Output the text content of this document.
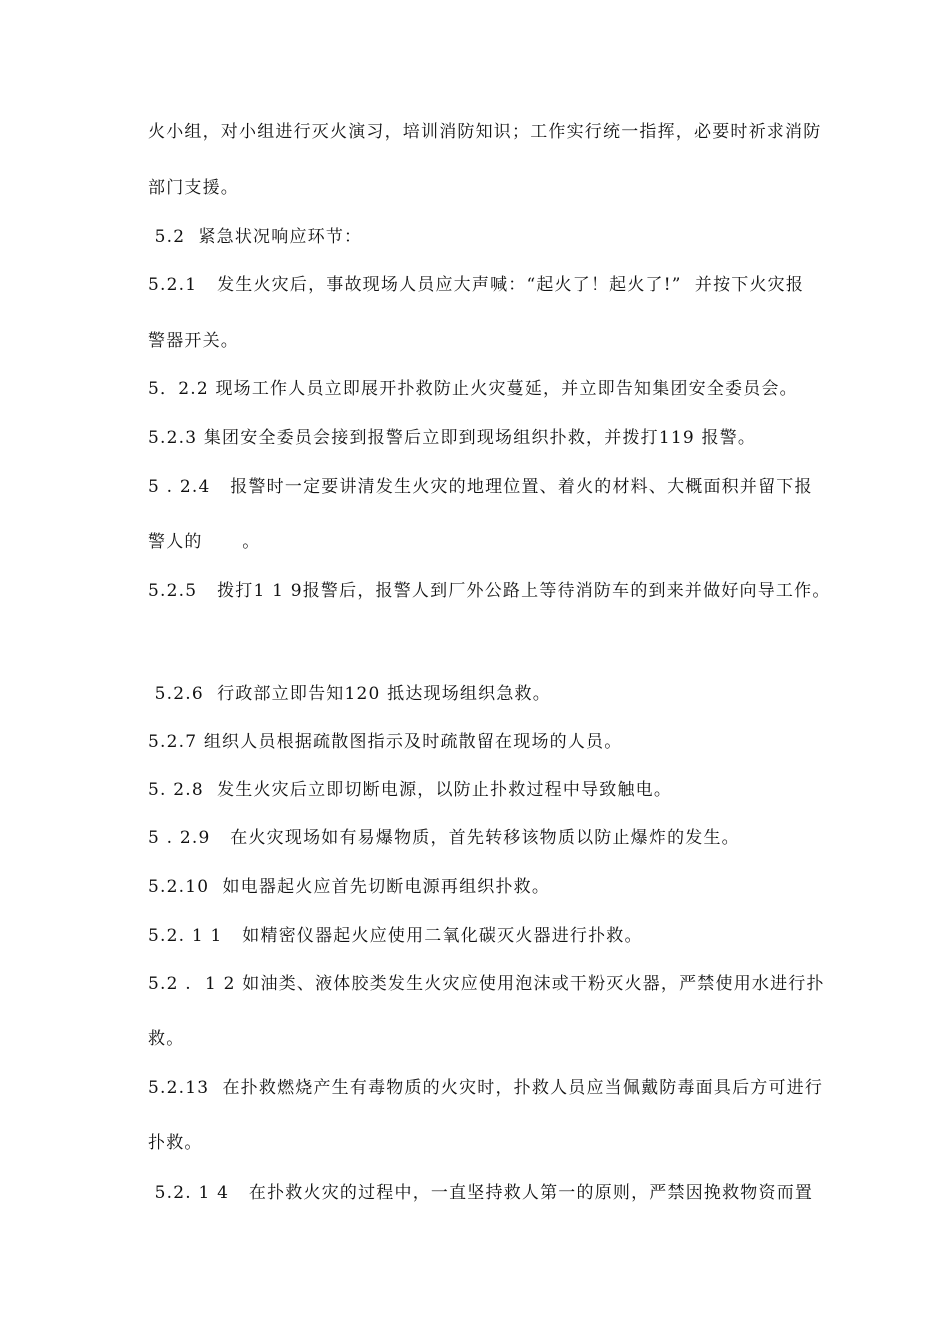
火小组，对小组进行灭火演习，培训消防知识；工作实行统一指挥，必要时祈求消防
部门支援。
5.2  紧急状况响应环节：
5.2.1   发生火灾后，事故现场人员应大声喊：“起火了！起火了!”  并按下火灾报
警器开关。
5．2.2 现场工作人员立即展开扑救防止火灾蔓延，并立即告知集团安全委员会。
5.2.3 集团安全委员会接到报警后立即到现场组织扑救，并拨打119 报警。
5 . 2.4   报警时一定要讲清发生火灾的地理位置、着火的材料、大概面积并留下报
警人的      。
5.2.5   拨打1 1 9报警后，报警人到厂外公路上等待消防车的到来并做好向导工作。
5.2.6  行政部立即告知120 抵达现场组织急救。
5.2.7 组织人员根据疏散图指示及时疏散留在现场的人员。
5. 2.8  发生火灾后立即切断电源，以防止扑救过程中导致触电。
5 . 2.9   在火灾现场如有易爆物质，首先转移该物质以防止爆炸的发生。
5.2.10  如电器起火应首先切断电源再组织扑救。
5.2. 1 1   如精密仪器起火应使用二氧化碳灭火器进行扑救。
5.2 .  1 2 如油类、液体胶类发生火灾应使用泡沫或干粉灭火器，严禁使用水进行扑
救。
5.2.13  在扑救燃烧产生有毒物质的火灾时，扑救人员应当佩戴防毒面具后方可进行
扑救。
5.2. 1 4   在扑救火灾的过程中，一直坚持救人第一的原则，严禁因挽救物资而置
